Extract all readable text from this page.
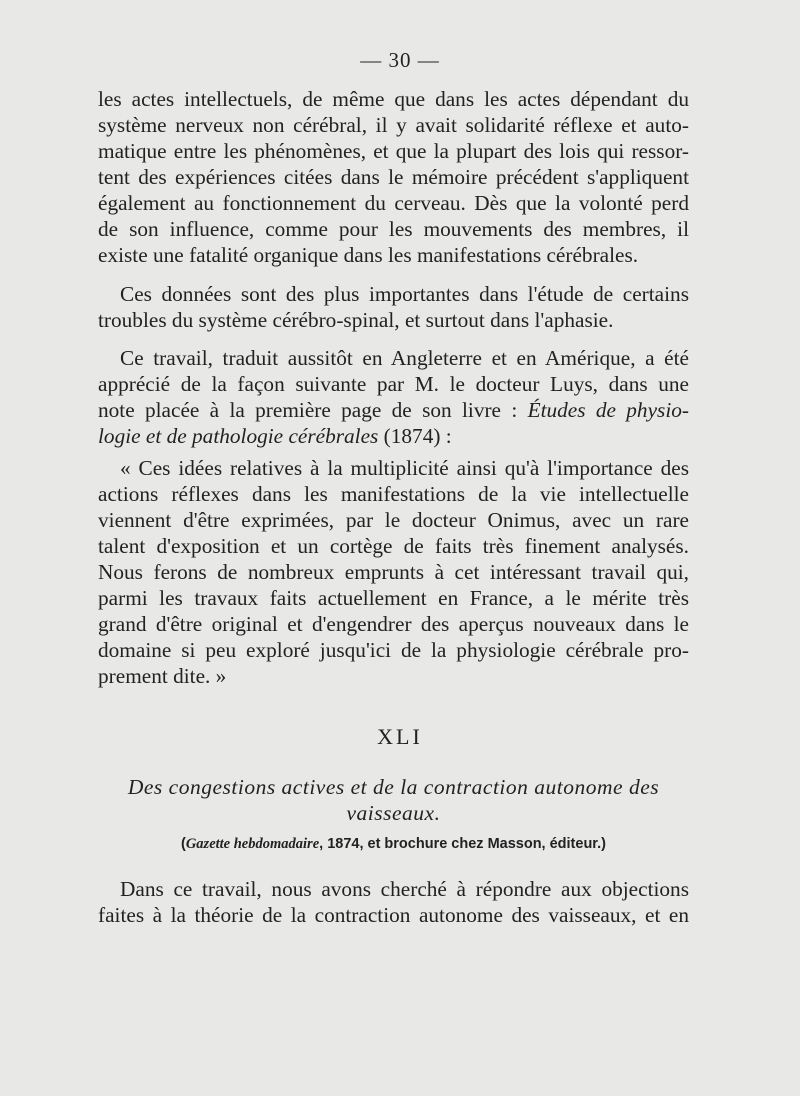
— 30 —
les actes intellectuels, de même que dans les actes dépendant du
système nerveux non cérébral, il y avait solidarité réflexe et auto-
matique entre les phénomènes, et que la plupart des lois qui ressor-
tent des expériences citées dans le mémoire précédent s'appliquent
également au fonctionnement du cerveau. Dès que la volonté perd
de son influence, comme pour les mouvements des membres, il
existe une fatalité organique dans les manifestations cérébrales.
Ces données sont des plus importantes dans l'étude de certains
troubles du système cérébro-spinal, et surtout dans l'aphasie.
Ce travail, traduit aussitôt en Angleterre et en Amérique, a été
apprécié de la façon suivante par M. le docteur Luys, dans une
note placée à la première page de son livre : Études de physio-
logie et de pathologie cérébrales (1874) :
« Ces idées relatives à la multiplicité ainsi qu'à l'importance des
actions réflexes dans les manifestations de la vie intellectuelle
viennent d'être exprimées, par le docteur Onimus, avec un rare
talent d'exposition et un cortège de faits très finement analysés.
Nous ferons de nombreux emprunts à cet intéressant travail qui,
parmi les travaux faits actuellement en France, a le mérite très
grand d'être original et d'engendrer des aperçus nouveaux dans le
domaine si peu exploré jusqu'ici de la physiologie cérébrale pro-
prement dite. »
XLI
Des congestions actives et de la contraction autonome des
vaisseaux.
(Gazette hebdomadaire, 1874, et brochure chez Masson, éditeur.)
Dans ce travail, nous avons cherché à répondre aux objections
faites à la théorie de la contraction autonome des vaisseaux, et en
